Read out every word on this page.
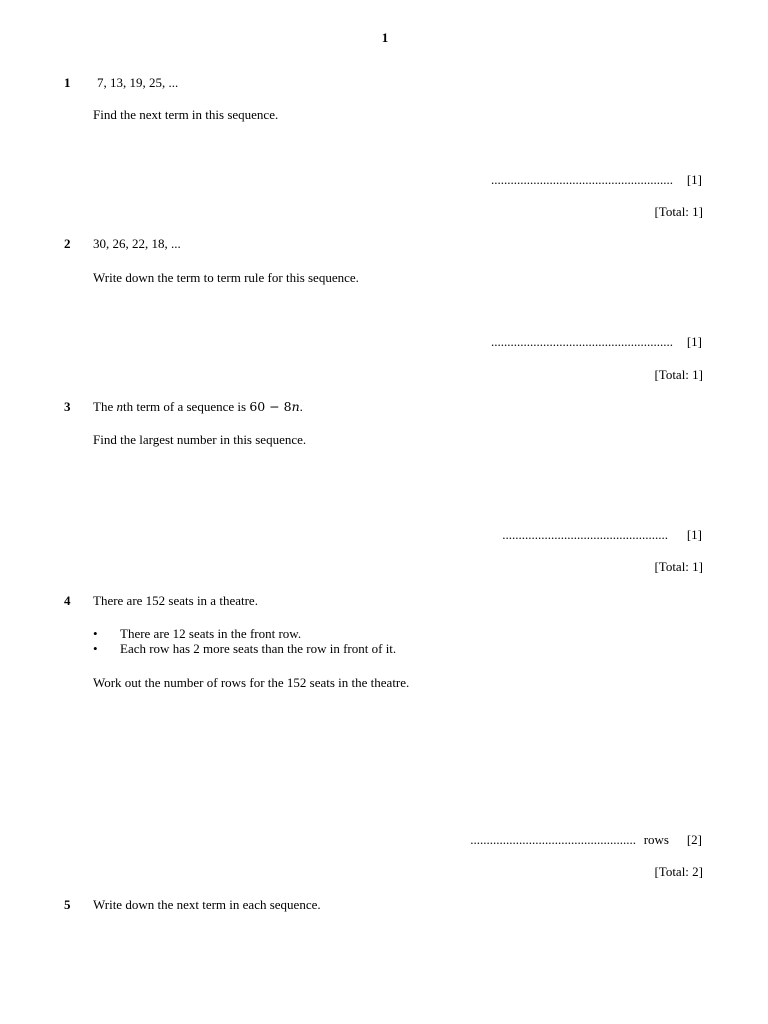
1
1 7, 13, 19, 25, ...
Find the next term in this sequence.
........................................................ [1]
[Total: 1]
2 30, 26, 22, 18, ...
Write down the term to term rule for this sequence.
........................................................ [1]
[Total: 1]
3 The nth term of a sequence is 60 − 8n.
Find the largest number in this sequence.
................................................... [1]
[Total: 1]
4 There are 152 seats in a theatre.
• There are 12 seats in the front row.
• Each row has 2 more seats than the row in front of it.
Work out the number of rows for the 152 seats in the theatre.
................................................... rows [2]
[Total: 2]
5 Write down the next term in each sequence.
